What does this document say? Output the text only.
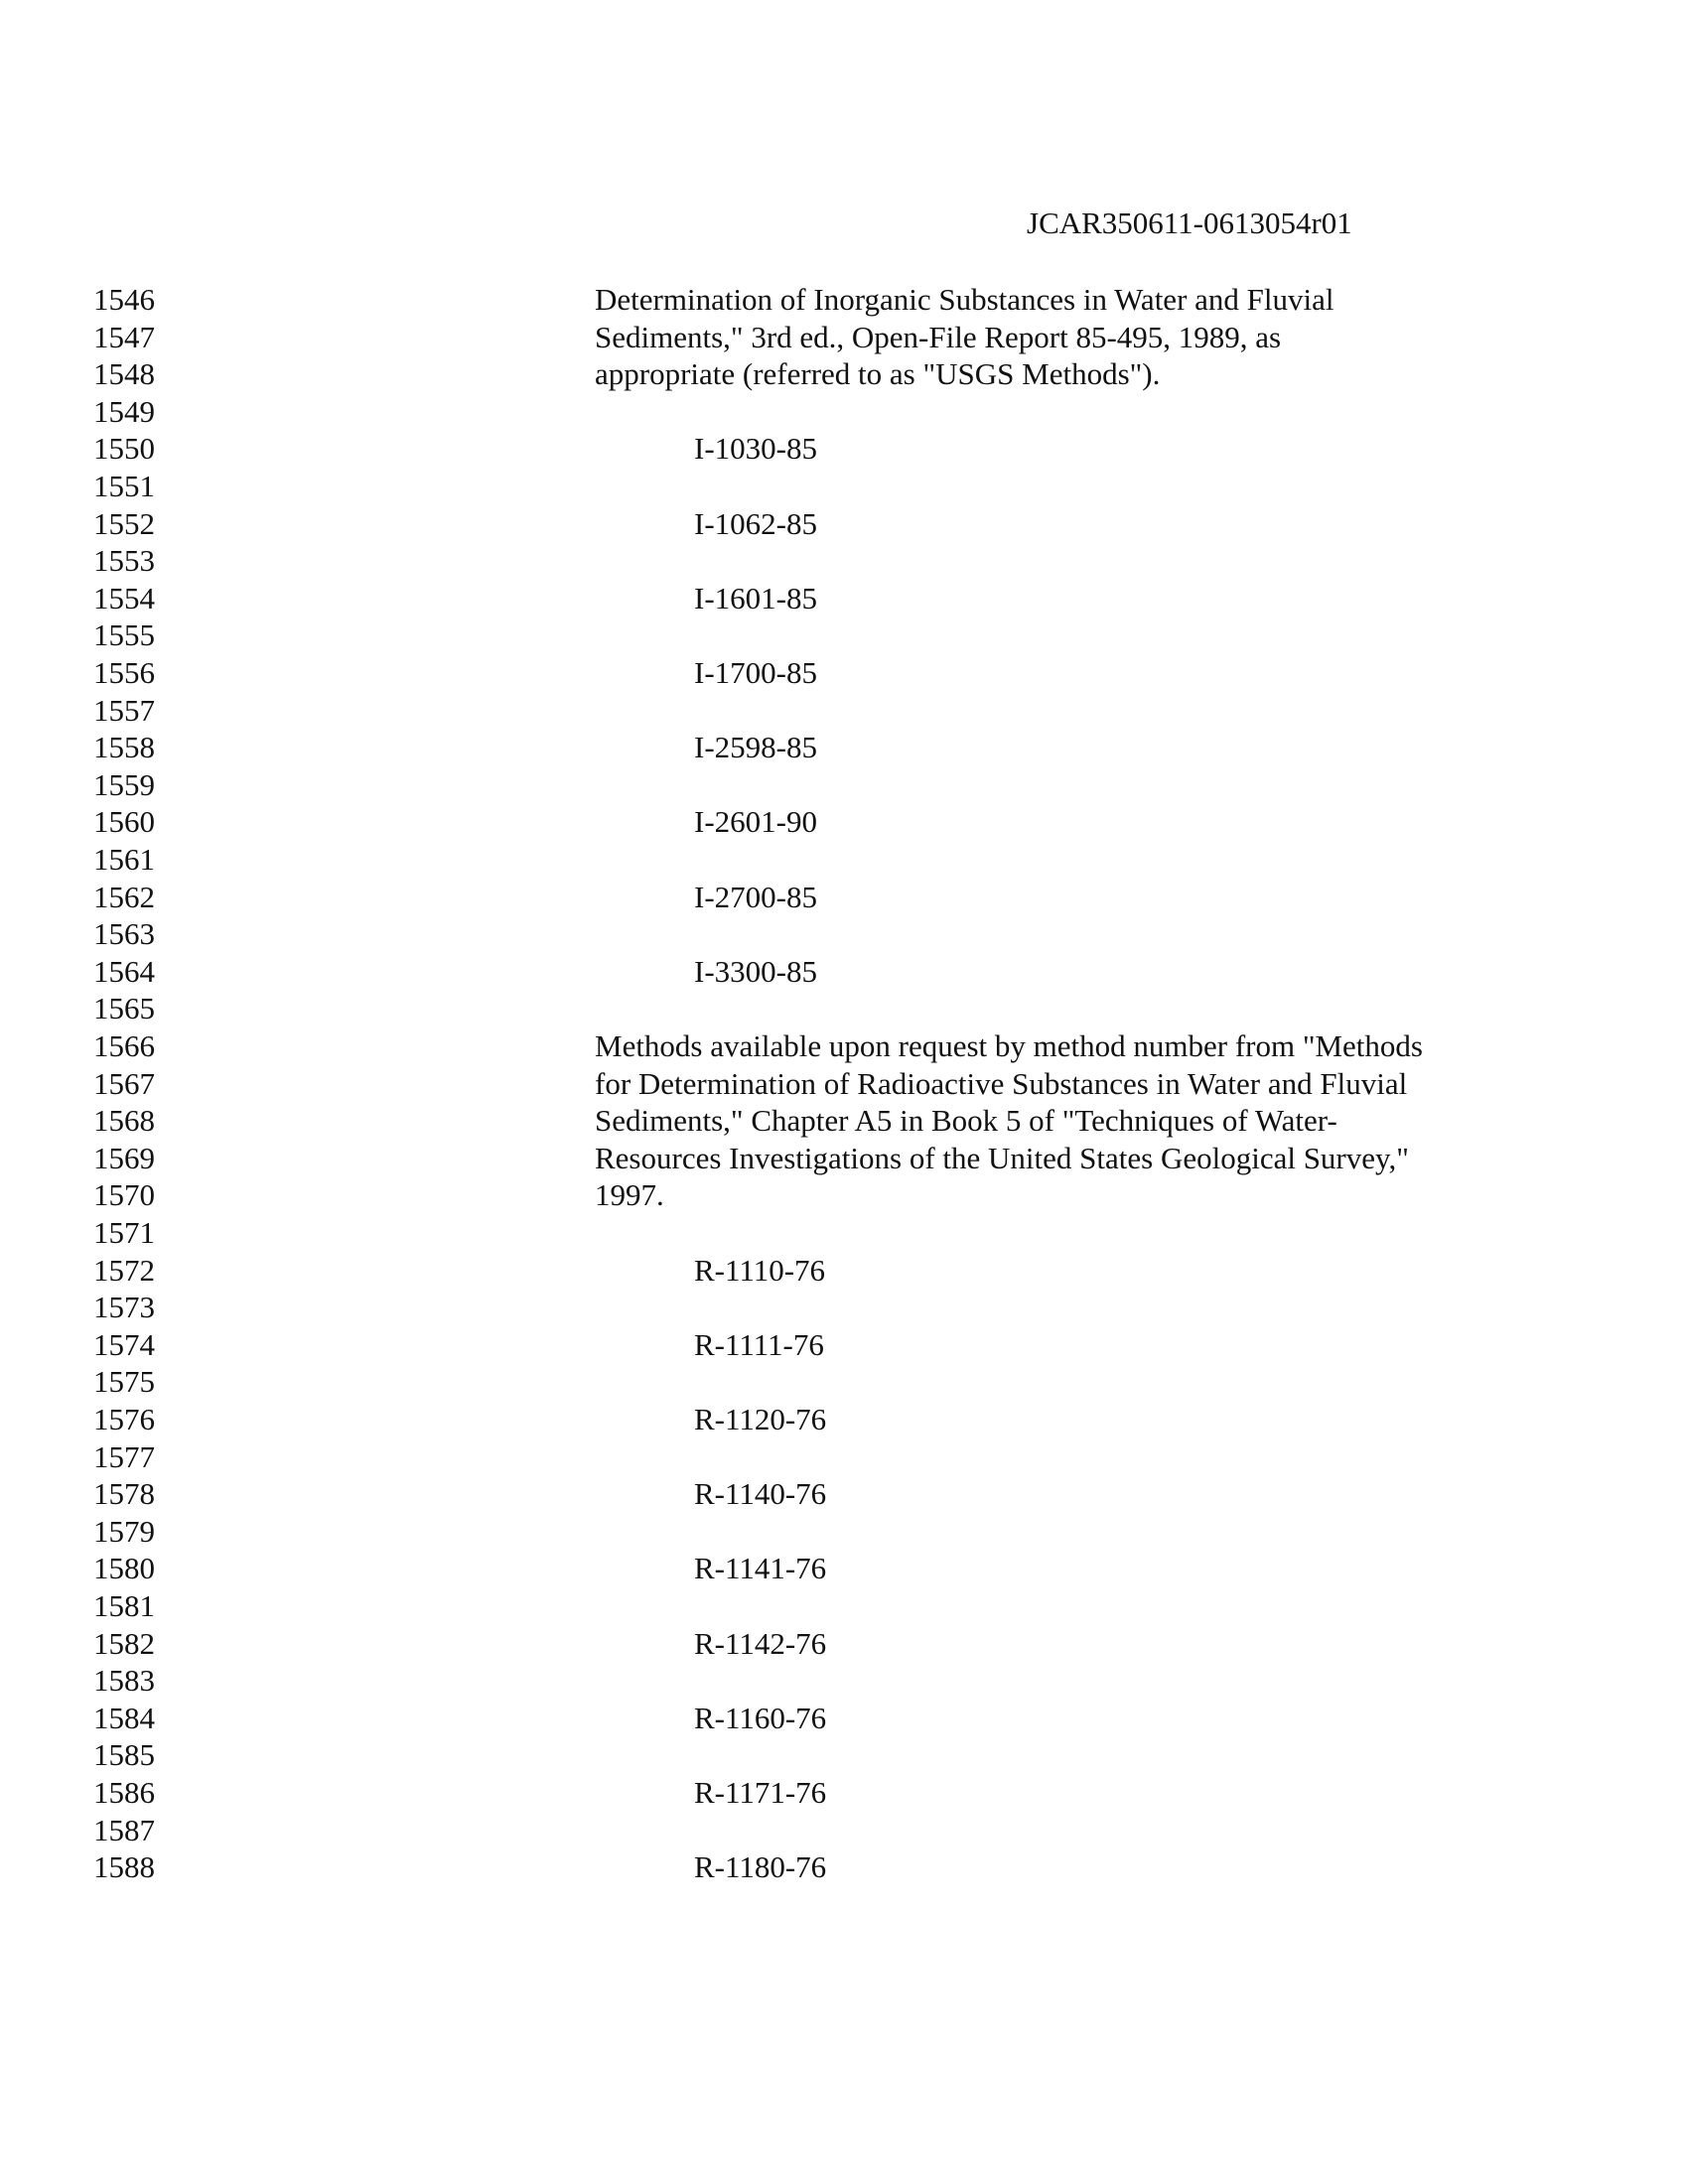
JCAR350611-0613054r01
1546	Determination of Inorganic Substances in Water and Fluvial
1547	Sediments," 3rd ed., Open-File Report 85-495, 1989, as
1548	appropriate (referred to as "USGS Methods").
1549
1550	I-1030-85
1551
1552	I-1062-85
1553
1554	I-1601-85
1555
1556	I-1700-85
1557
1558	I-2598-85
1559
1560	I-2601-90
1561
1562	I-2700-85
1563
1564	I-3300-85
1565
1566	Methods available upon request by method number from "Methods
1567	for Determination of Radioactive Substances in Water and Fluvial
1568	Sediments," Chapter A5 in Book 5 of "Techniques of Water-
1569	Resources Investigations of the United States Geological Survey,"
1570	1997.
1571
1572	R-1110-76
1573
1574	R-1111-76
1575
1576	R-1120-76
1577
1578	R-1140-76
1579
1580	R-1141-76
1581
1582	R-1142-76
1583
1584	R-1160-76
1585
1586	R-1171-76
1587
1588	R-1180-76
